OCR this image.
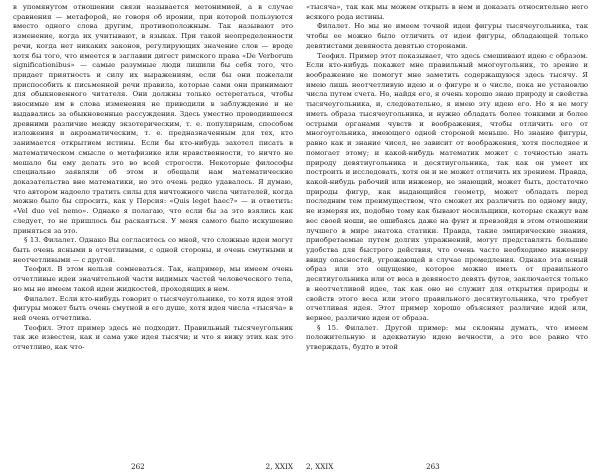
в упомянутом отношении связи называется метонимией, а в случае сравнения — метафорой, не говоря об иронии, при которой пользуются вместо одного слова другим, противоположным. Так называют это изменение, когда их учитывают, в языках. При такой неопределенности речи, когда нет никаких законов, регулирующих значение слов — вроде хотя бы того, что имеется в заглавии дигест римского права «De Verborum significationibus» — самые разумные люди лишили бы себя того, что придает приятность и силу их выражениям, если бы они пожелали приспособить к письменной речи правила, которые сами они принимают для обыкновенного читателя. Они должны только остерегаться, чтобы вносимые им в слова изменения не приводили в заблуждение и не выдавались за обыкновенные рассуждения. Здесь уместно проводившееся древними различие между экзотерическим, т. е. популярным, способом изложения и акроаматическим, т. е. предназначенным для тех, кто занимается открытием истины. Если бы кто-нибудь захотел писать в математическом смысле о метафизике или нравственности, то ничто не мешало бы ему делать это во всей строгости. Некоторые философы специально заявляли об этом и обещали нам математические доказательства вне математики, но это очень редко удавалось. Я думаю, что автором надоело тратить силы для ничтожного числа читателей, когда можно было бы спросить, как у Персия: «Quis leget haec?» — и ответить: «Vel duo vel nemo». Однако я полагаю, что если бы за это взялись как следует, то не пришлось бы раскаяться. У меня самого было искушение приняться за это.

§ 13. Филалет. Однако Вы согласитесь со мной, что сложные идеи могут быть очень ясными в отчетливыми, с одной стороны, и очень смутными и неотчетливыми — с другой.

Теофил. В этом нельзя сомневаться. Так, например, мы имеем очень отчетливые идеи значительной части видимых частей человеческого тела, но мы не имеем такой идеи жидкостей, проходящих в нем.

Филалет. Если кто-нибудь говорит о тысячеугольнике, то хотя идея этой фигуры может быть очень смутной в его душе, хотя идея числа «тысяча» в ней очень отчетлива.

Теофил. Этот пример здесь не подходит. Правильный тысячеугольник так же известен, как и сама уже идея тысячи; и что я вижу этих как это отчетливо, как что-

262	2, XXIX

«тысяча», так как мы можем открыть в нем и доказать относительно него всякого рода истины.

Филалет. Но мы не имеем точной идеи фигуры тысячеугольника, так чтобы ее можно было отличить от идеи фигуры, обладающей только девятистами девяноста девятью сторонами.

Теофил. Пример этот показывает, что здесь смешивают идею с образом. Если кто-нибудь покажет мне правильный многоугольник, то зрение и воображение не помогут мне заметить содержащуюся здесь тысячу. Я имею лишь неотчетливую идею и о фигуре и о числе, пока не установлю числа путем счета. Но, найдя его, я очень хорошо знаю природу и свойства тысячеугольника, и, следовательно, я имею эту идею его. Но я не могу иметь образа тысячеугольника, и нужно обладать более тонкими и более острыми органами чувств и воображения, чтобы отличить его от многоугольника, имеющего одной стороной меньше. Но знание фигуры, равно как и знание чисел, не зависит от воображения, хотя последнее и помогает этому; и какой-нибудь математик может с точностью знать природу девятиугольника и десятиугольника, так как он умеет их построить и исследовать, хотя он и не может отличить их зрением. Правда, какой-нибудь рабочий или инженер, не знающий, может быть, достаточно природы фигур, как выдающийся геометр, может обладать перед последним тем преимуществом, что сможет их различить по одному виду, не измеряя их, подобно тому как бывают носильщики, которые скажут вам вес своей ноши, не ошибаясь даже на фунт и превзойдя в этом отношении лучшего в мире знатока статики. Правда, такие эмпирические знания, приобретаемые путем долгих упражнений, могут представлять большие удобства для быстрого действия, что очень часто необходимо инженеру ввиду опасностей, угрожающей в случае промедления. Однако эта ясный образ или это ощущение, которое можно иметь от правильного десятиугольника или от веса в девяносто девять футов, заключается только в неотчетливой идее, так как оно не служит для открытия природы и свойств этого веса или этого правильного десятиугольника, что требует отчетливая идея. Этот пример хорошо объясняет различие идей или, вернее, различие идеи от образа.

§ 15. Филалет. Другой пример: мы склонны думать, что имеем положительную и адекватную идею вечности, а это все равно что утверждать, будто в этой

2, XXIX	263
